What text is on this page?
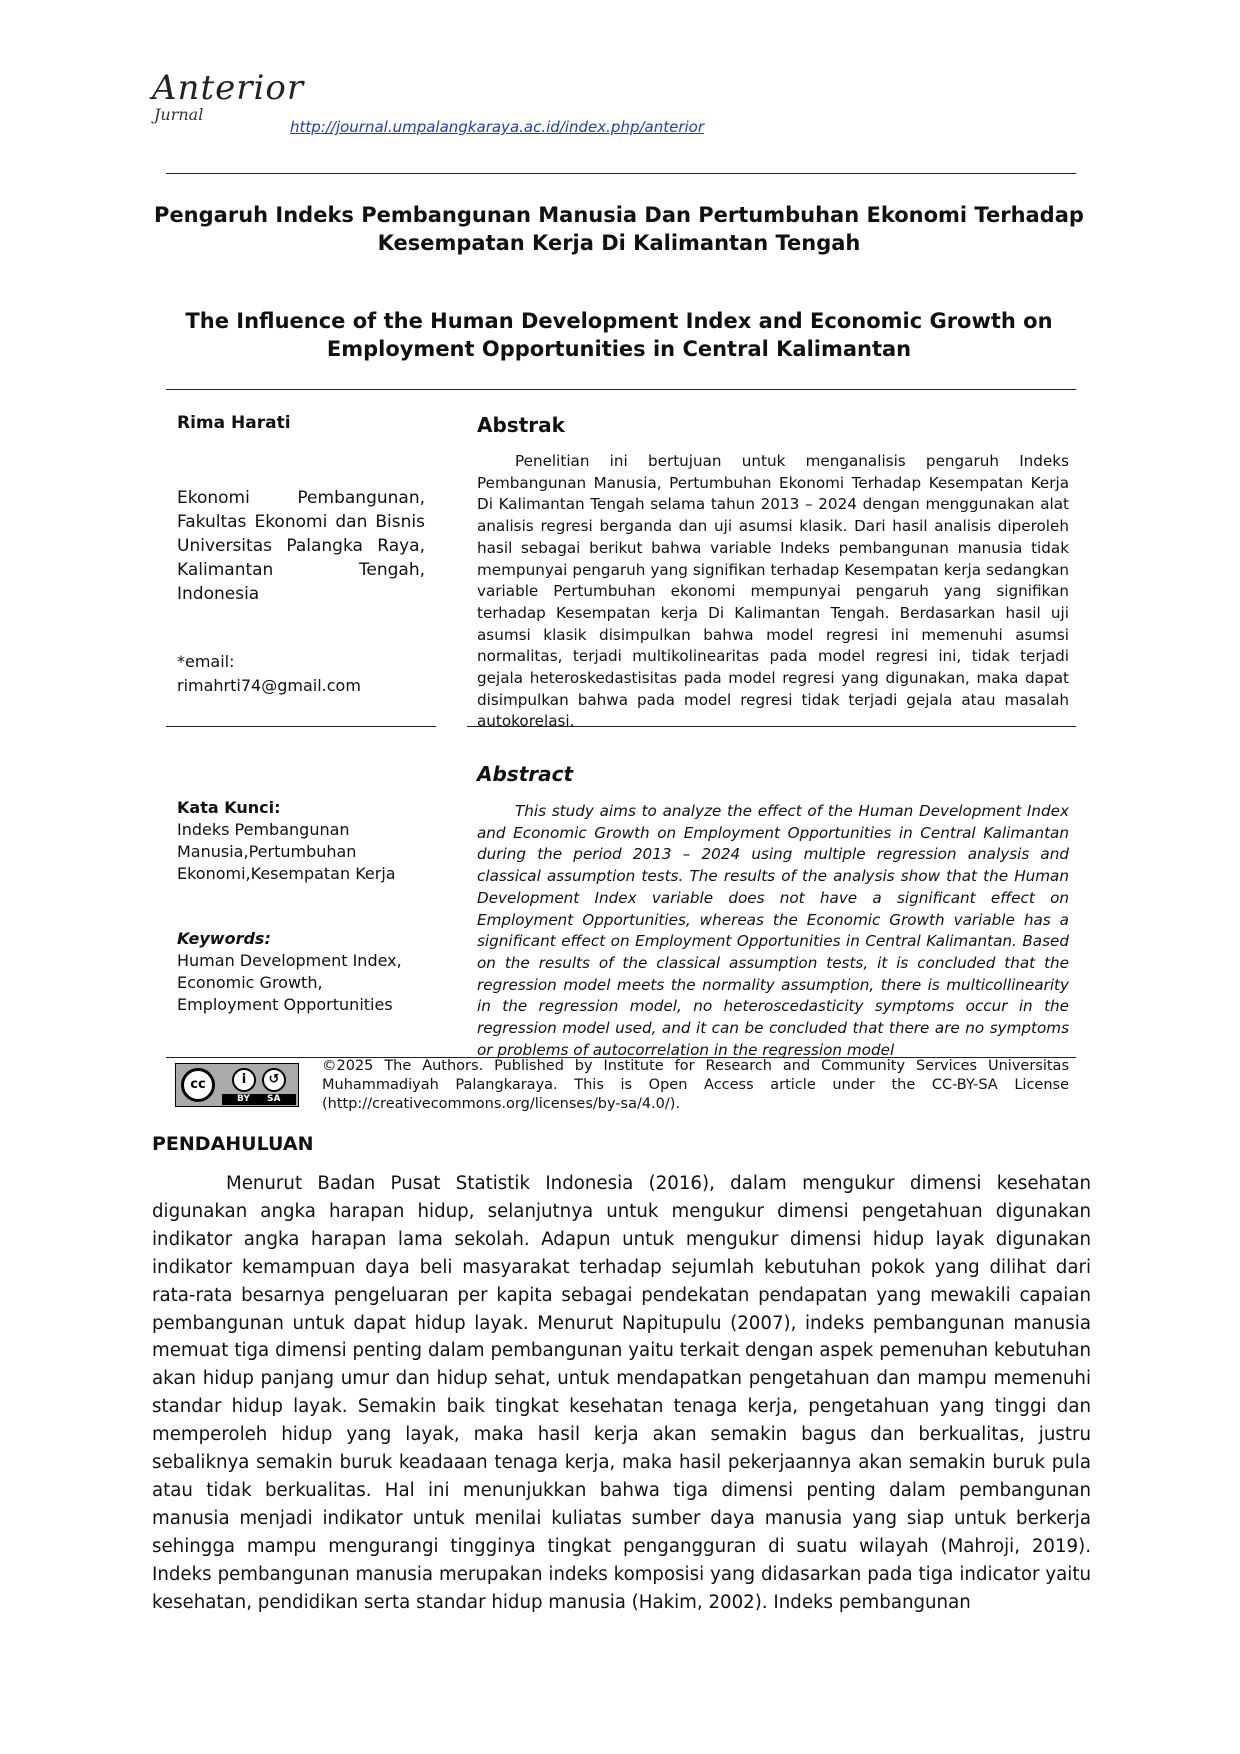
Anterior
Jurnal
http://journal.umpalangkaraya.ac.id/index.php/anterior
Pengaruh Indeks Pembangunan Manusia Dan Pertumbuhan Ekonomi Terhadap
Kesempatan Kerja Di Kalimantan Tengah
The Influence of the Human Development Index and Economic Growth on
Employment Opportunities in Central Kalimantan
Rima Harati
Ekonomi Pembangunan, Fakultas Ekonomi dan Bisnis Universitas Palangka Raya, Kalimantan Tengah, Indonesia
*email:
rimahrti74@gmail.com
Kata Kunci:
Indeks Pembangunan Manusia,Pertumbuhan Ekonomi,Kesempatan Kerja
Keywords:
Human Development Index, Economic Growth, Employment Opportunities
Abstrak
Penelitian ini bertujuan untuk menganalisis pengaruh Indeks Pembangunan Manusia, Pertumbuhan Ekonomi Terhadap Kesempatan Kerja Di Kalimantan Tengah selama tahun 2013 – 2024 dengan menggunakan alat analisis regresi berganda dan uji asumsi klasik. Dari hasil analisis diperoleh hasil sebagai berikut bahwa variable Indeks pembangunan manusia tidak mempunyai pengaruh yang signifikan terhadap Kesempatan kerja sedangkan variable Pertumbuhan ekonomi mempunyai pengaruh yang signifikan terhadap Kesempatan kerja Di Kalimantan Tengah. Berdasarkan hasil uji asumsi klasik disimpulkan bahwa model regresi ini memenuhi asumsi normalitas, terjadi multikolinearitas pada model regresi ini, tidak terjadi gejala heteroskedastisitas pada model regresi yang digunakan, maka dapat disimpulkan bahwa pada model regresi tidak terjadi gejala atau masalah autokorelasi.
Abstract
This study aims to analyze the effect of the Human Development Index and Economic Growth on Employment Opportunities in Central Kalimantan during the period 2013 – 2024 using multiple regression analysis and classical assumption tests. The results of the analysis show that the Human Development Index variable does not have a significant effect on Employment Opportunities, whereas the Economic Growth variable has a significant effect on Employment Opportunities in Central Kalimantan. Based on the results of the classical assumption tests, it is concluded that the regression model meets the normality assumption, there is multicollinearity in the regression model, no heteroscedasticity symptoms occur in the regression model used, and it can be concluded that there are no symptoms or problems of autocorrelation in the regression model
cc	i	↺
BY SA
©2025 The Authors. Published by Institute for Research and Community Services Universitas Muhammadiyah Palangkaraya. This is Open Access article under the CC-BY-SA License (http://creativecommons.org/licenses/by-sa/4.0/).
PENDAHULUAN
Menurut Badan Pusat Statistik Indonesia (2016), dalam mengukur dimensi kesehatan digunakan angka harapan hidup, selanjutnya untuk mengukur dimensi pengetahuan digunakan indikator angka harapan lama sekolah. Adapun untuk mengukur dimensi hidup layak digunakan indikator kemampuan daya beli masyarakat terhadap sejumlah kebutuhan pokok yang dilihat dari rata-rata besarnya pengeluaran per kapita sebagai pendekatan pendapatan yang mewakili capaian pembangunan untuk dapat hidup layak. Menurut Napitupulu (2007), indeks pembangunan manusia memuat tiga dimensi penting dalam pembangunan yaitu terkait dengan aspek pemenuhan kebutuhan akan hidup panjang umur dan hidup sehat, untuk mendapatkan pengetahuan dan mampu memenuhi standar hidup layak. Semakin baik tingkat kesehatan tenaga kerja, pengetahuan yang tinggi dan memperoleh hidup yang layak, maka hasil kerja akan semakin bagus dan berkualitas, justru sebaliknya semakin buruk keadaaan tenaga kerja, maka hasil pekerjaannya akan semakin buruk pula atau tidak berkualitas. Hal ini menunjukkan bahwa tiga dimensi penting dalam pembangunan manusia menjadi indikator untuk menilai kuliatas sumber daya manusia yang siap untuk berkerja sehingga mampu mengurangi tingginya tingkat pengangguran di suatu wilayah (Mahroji, 2019). Indeks pembangunan manusia merupakan indeks komposisi yang didasarkan pada tiga indicator yaitu kesehatan, pendidikan serta standar hidup manusia (Hakim, 2002). Indeks pembangunan
